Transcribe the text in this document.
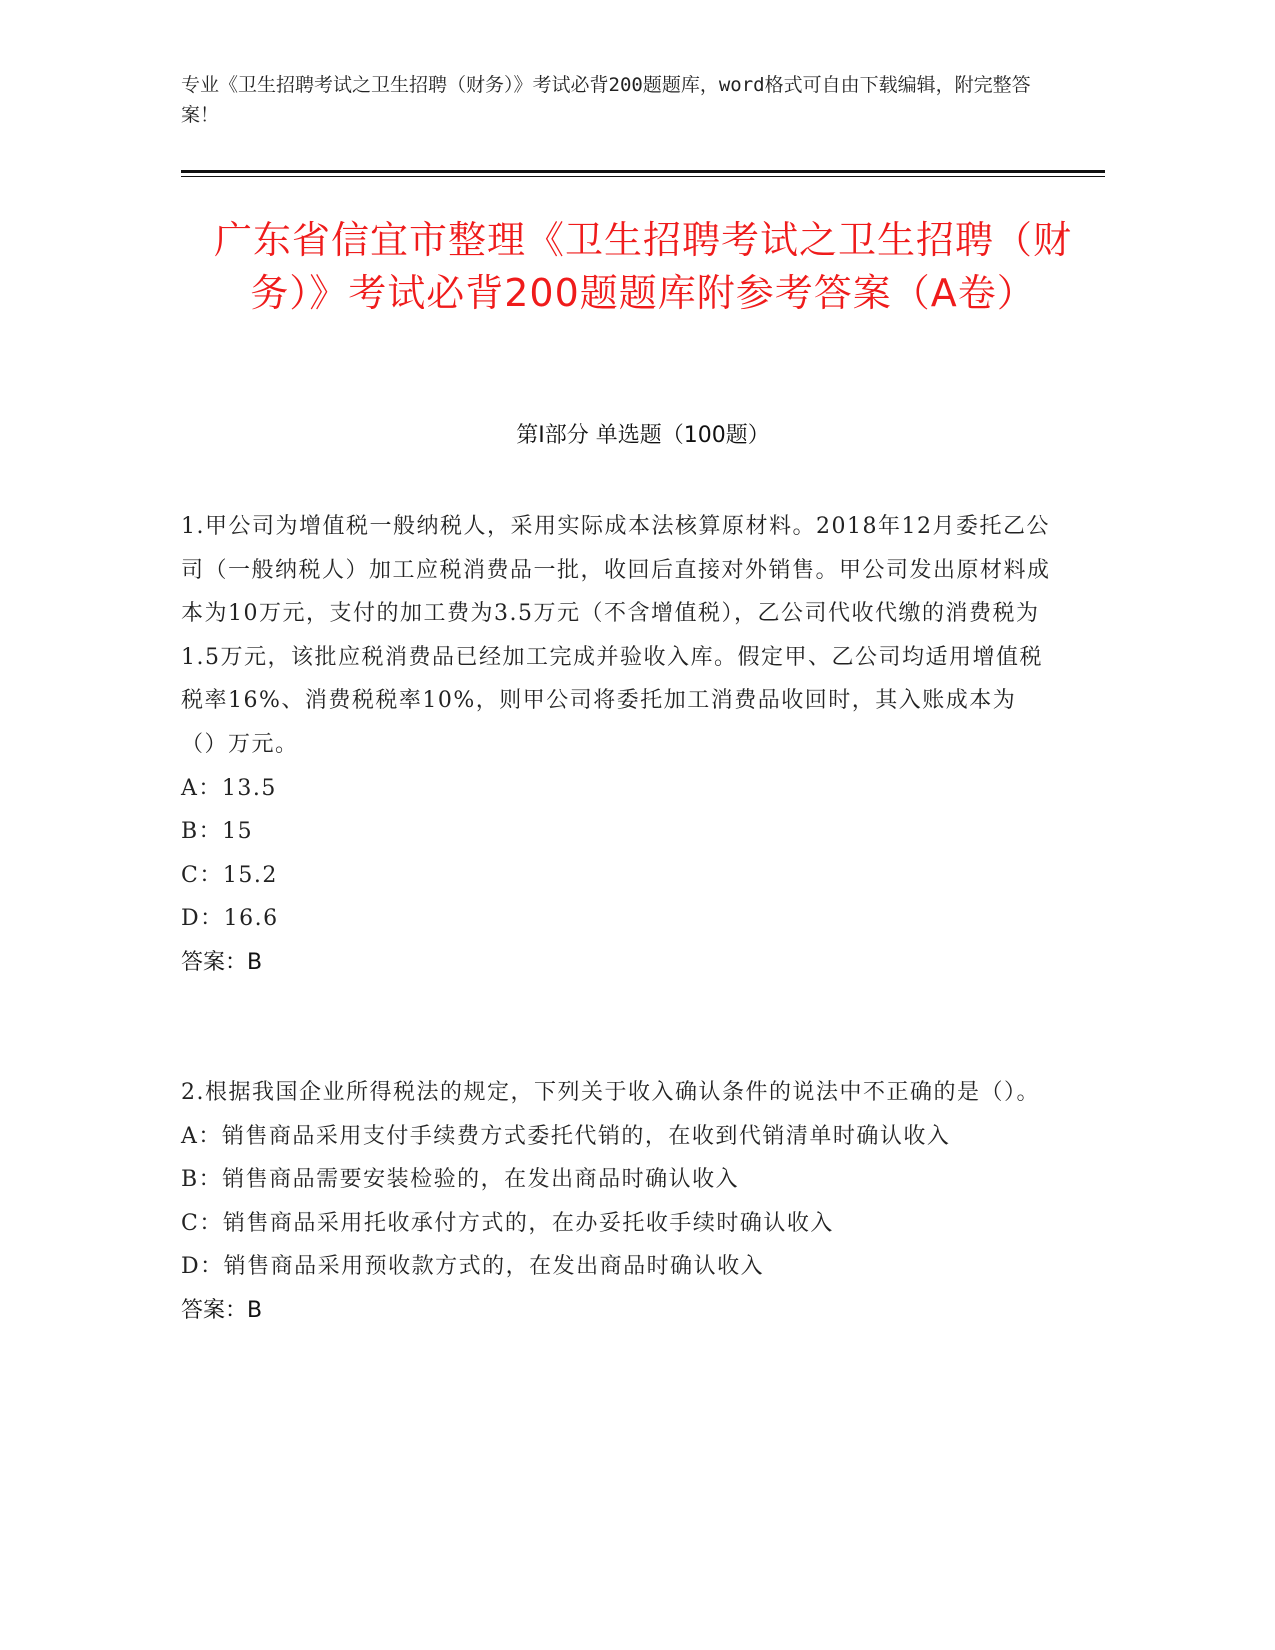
专业《卫生招聘考试之卫生招聘（财务）》考试必背200题题库，word格式可自由下载编辑，附完整答案！
广东省信宜市整理《卫生招聘考试之卫生招聘（财务）》考试必背200题题库附参考答案（A卷）
第Ⅰ部分 单选题（100题）
1.甲公司为增值税一般纳税人，采用实际成本法核算原材料。2018年12月委托乙公司（一般纳税人）加工应税消费品一批，收回后直接对外销售。甲公司发出原材料成本为10万元，支付的加工费为3.5万元（不含增值税），乙公司代收代缴的消费税为1.5万元，该批应税消费品已经加工完成并验收入库。假定甲、乙公司均适用增值税税率16%、消费税税率10%，则甲公司将委托加工消费品收回时，其入账成本为（）万元。
A：13.5
B：15
C：15.2
D：16.6
答案：B
2.根据我国企业所得税法的规定，下列关于收入确认条件的说法中不正确的是（）。
A：销售商品采用支付手续费方式委托代销的，在收到代销清单时确认收入
B：销售商品需要安装检验的，在发出商品时确认收入
C：销售商品采用托收承付方式的，在办妥托收手续时确认收入
D：销售商品采用预收款方式的，在发出商品时确认收入
答案：B
